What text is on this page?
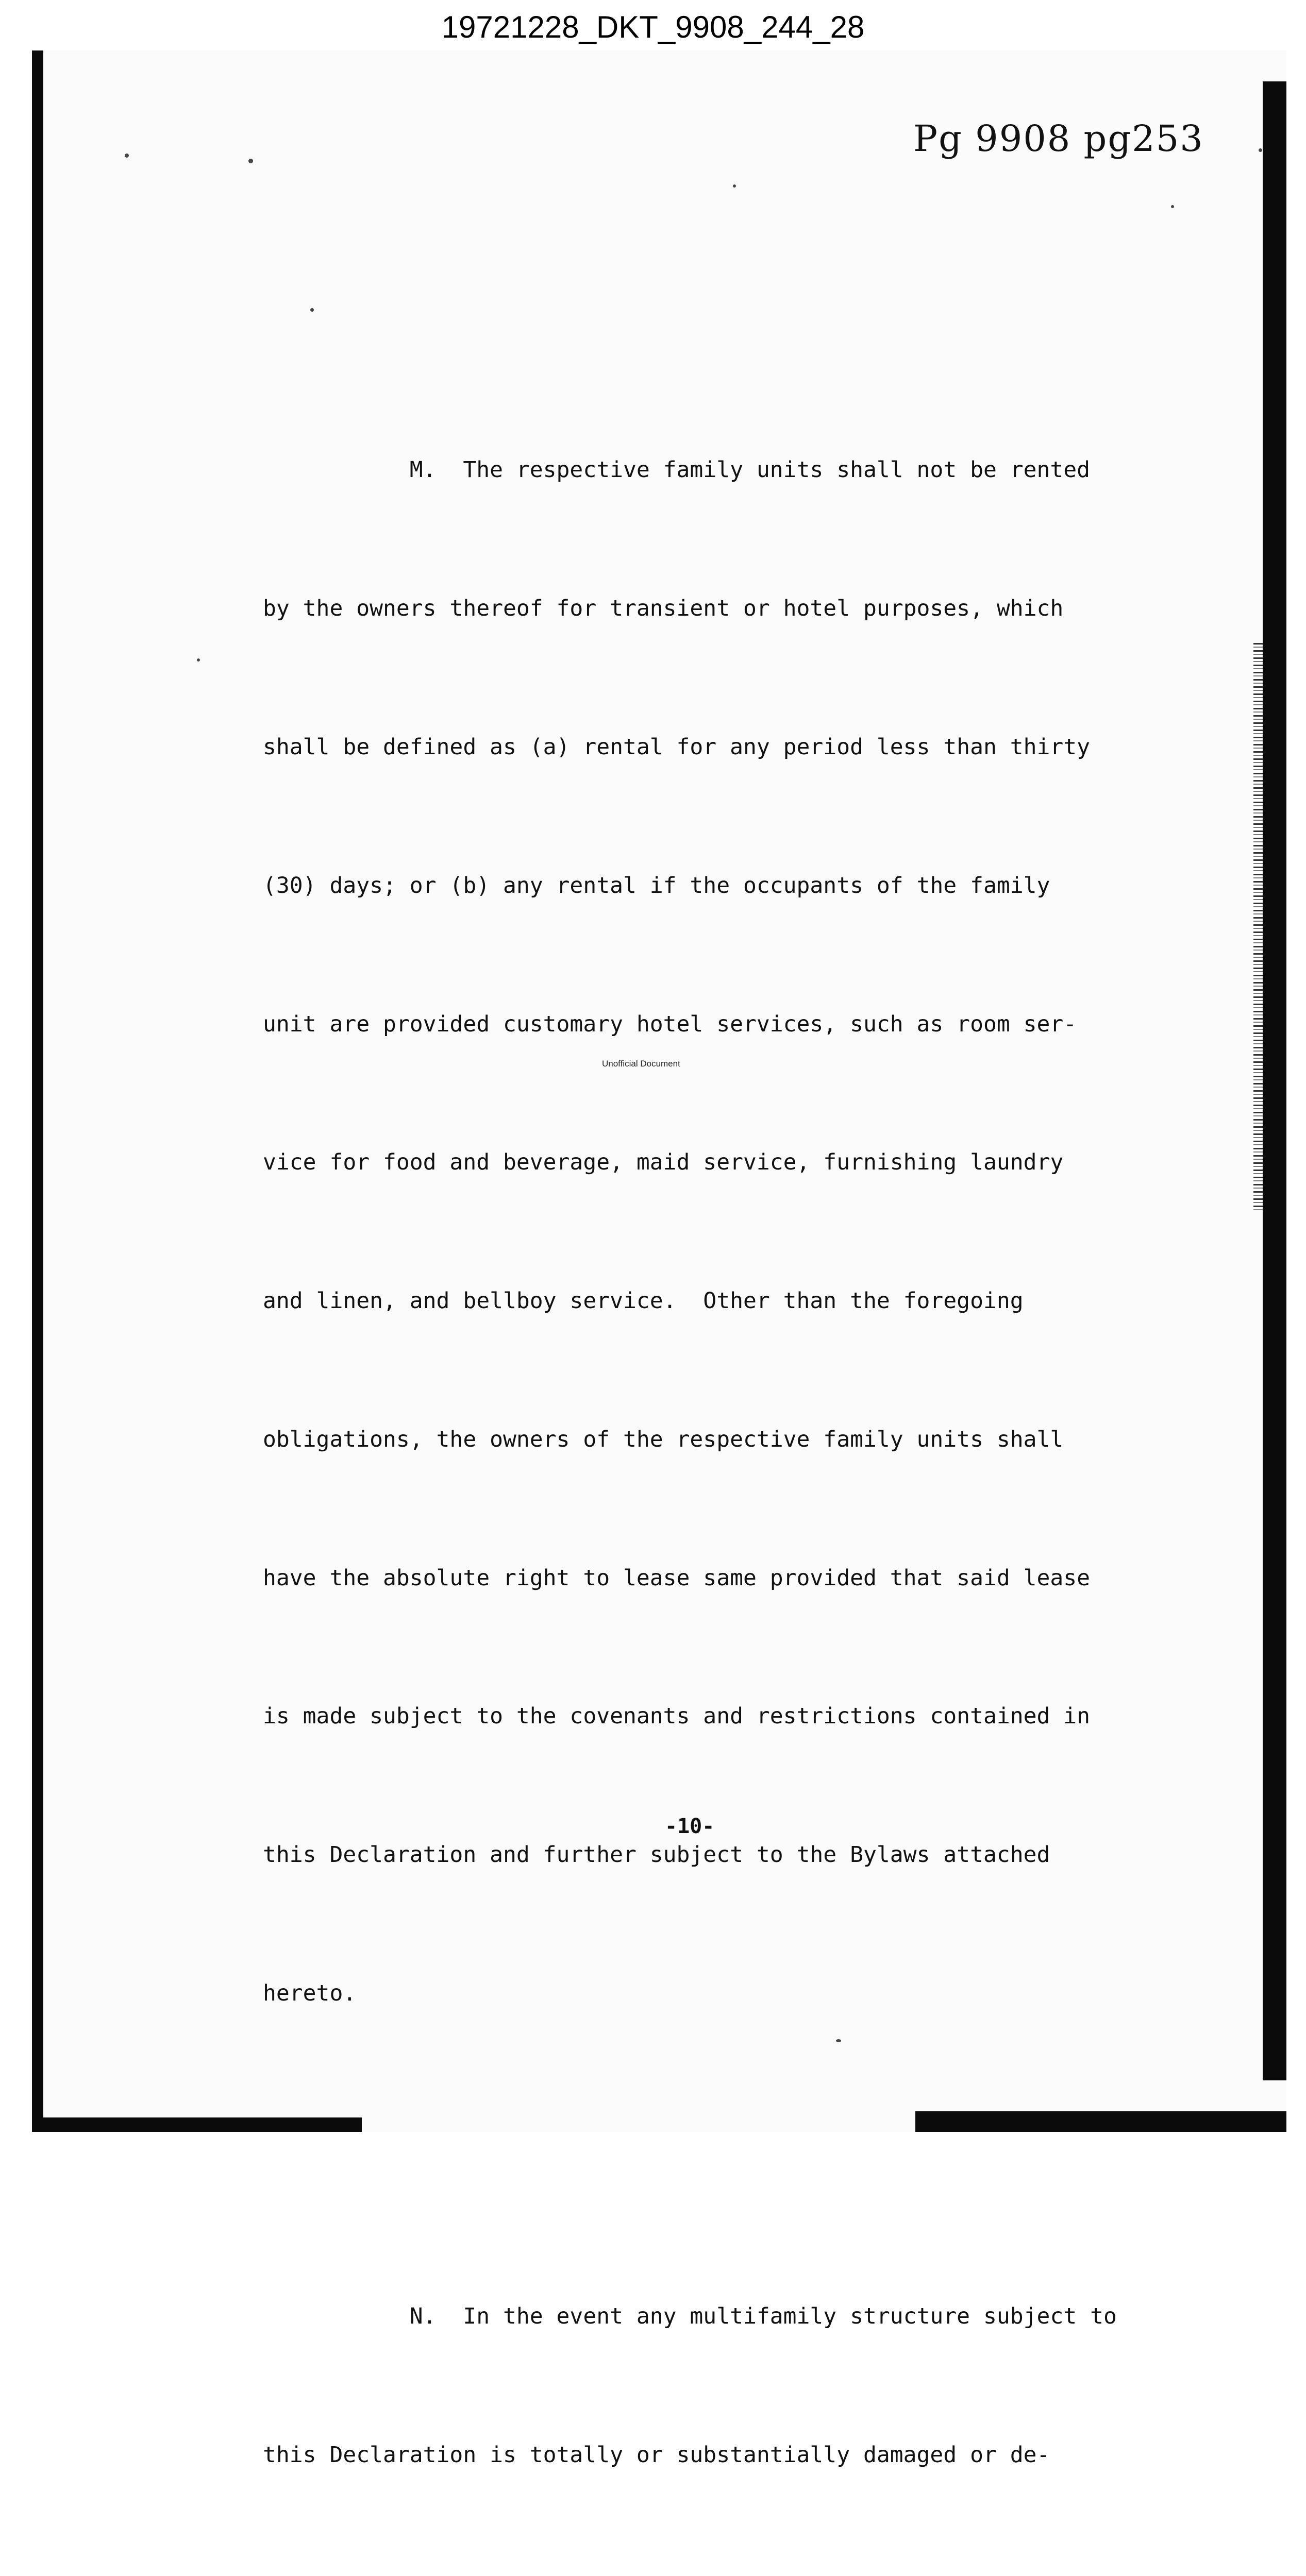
19721228_DKT_9908_244_28
Pg 9908 pg253

M.  The respective family units shall not be rented

by the owners thereof for transient or hotel purposes, which

shall be defined as (a) rental for any period less than thirty

(30) days; or (b) any rental if the occupants of the family

unit are provided customary hotel services, such as room ser-

vice for food and beverage, maid service, furnishing laundry

and linen, and bellboy service.  Other than the foregoing

obligations, the owners of the respective family units shall

have the absolute right to lease same provided that said lease

is made subject to the covenants and restrictions contained in

this Declaration and further subject to the Bylaws attached

hereto.

N.  In the event any multifamily structure subject to

this Declaration is totally or substantially damaged or de-

Unofficial Document
-10-
